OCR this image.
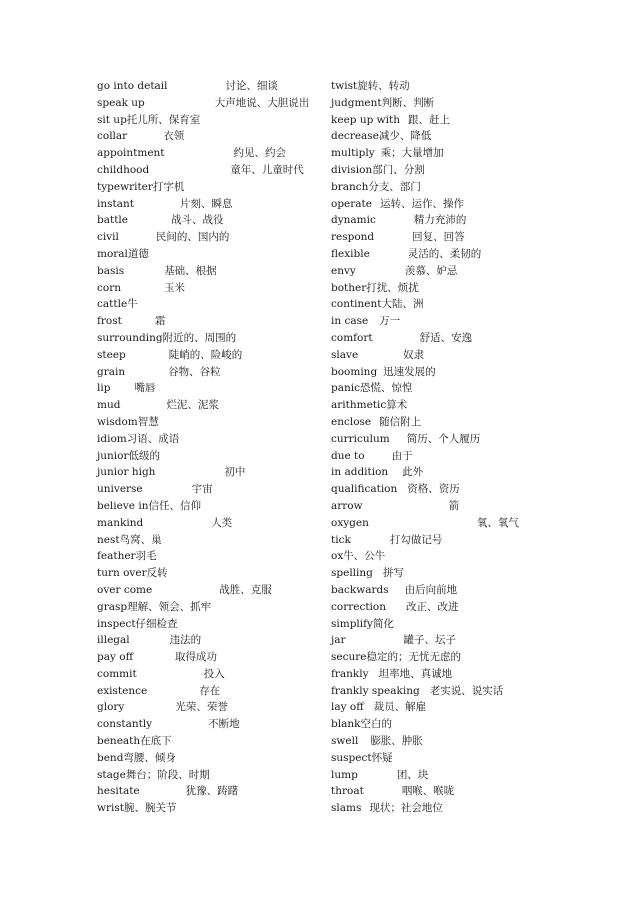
go into detail	讨论、细谈
speak up	大声地说、大胆说出
sit up托儿所、保育室
collar	衣领
appointment	约见、约会
childhood	童年、儿童时代
typewriter打字机
instant	片刻、瞬息
battle	战斗、战役
civil	民间的、国内的
moral道德
basis	基础、根据
corn	玉米
cattle牛
frost	霜
surrounding附近的、周围的
steep	陡峭的、险峻的
grain	谷物、谷粒
lip 嘴唇
mud	烂泥、泥浆
wisdom智慧
idiom习语、成语
junior低级的
junior high	初中
universe	宇宙
believe in信任、信仰
mankind	人类
nest鸟窝、巢
feather羽毛
turn over反转
over come	战胜、克服
grasp理解、领会、抓牢
inspect仔细检查
illegal	违法的
pay off	取得成功
commit	投入
existence	存在
glory	光荣、荣誉
constantly	不断地
beneath在底下
bend弯腰、倾身
stage舞台；阶段、时期
hesitate	犹豫、踌躇
wrist腕、腕关节
twist旋转、转动
judgment判断、判断
keep up with 跟、赶上
decrease减少、降低
multiply 乘；大量增加
division部门、分割
branch分支、部门
operate 运转、运作、操作
dynamic	精力充沛的
respond	回复、回答
flexible	灵活的、柔韧的
envy	羡慕、妒忌
bother打扰、烦扰
continent大陆、洲
in case 万一
comfort	舒适、安逸
slave	奴隶
booming 迅速发展的
panic恐慌、惊惶
arithmetic算术
enclose 随信附上
curriculum 简历、个人履历
due to	由于
in addition 此外
qualification 资格、资历
arrow	箭
oxygen	氧、氧气
tick	打勾做记号
ox牛、公牛
spelling 拼写
backwards 由后向前地
correction 改正、改进
simplify简化
jar	罐子、坛子
secure稳定的；无忧无虑的
frankly 坦率地、真诚地
frankly speaking 老实说、说实话
lay off 裁员、解雇
blank空白的
swell 膨胀、肿胀
suspect怀疑
lump	团、块
throat	咽喉、喉咙
slams 现状；社会地位
